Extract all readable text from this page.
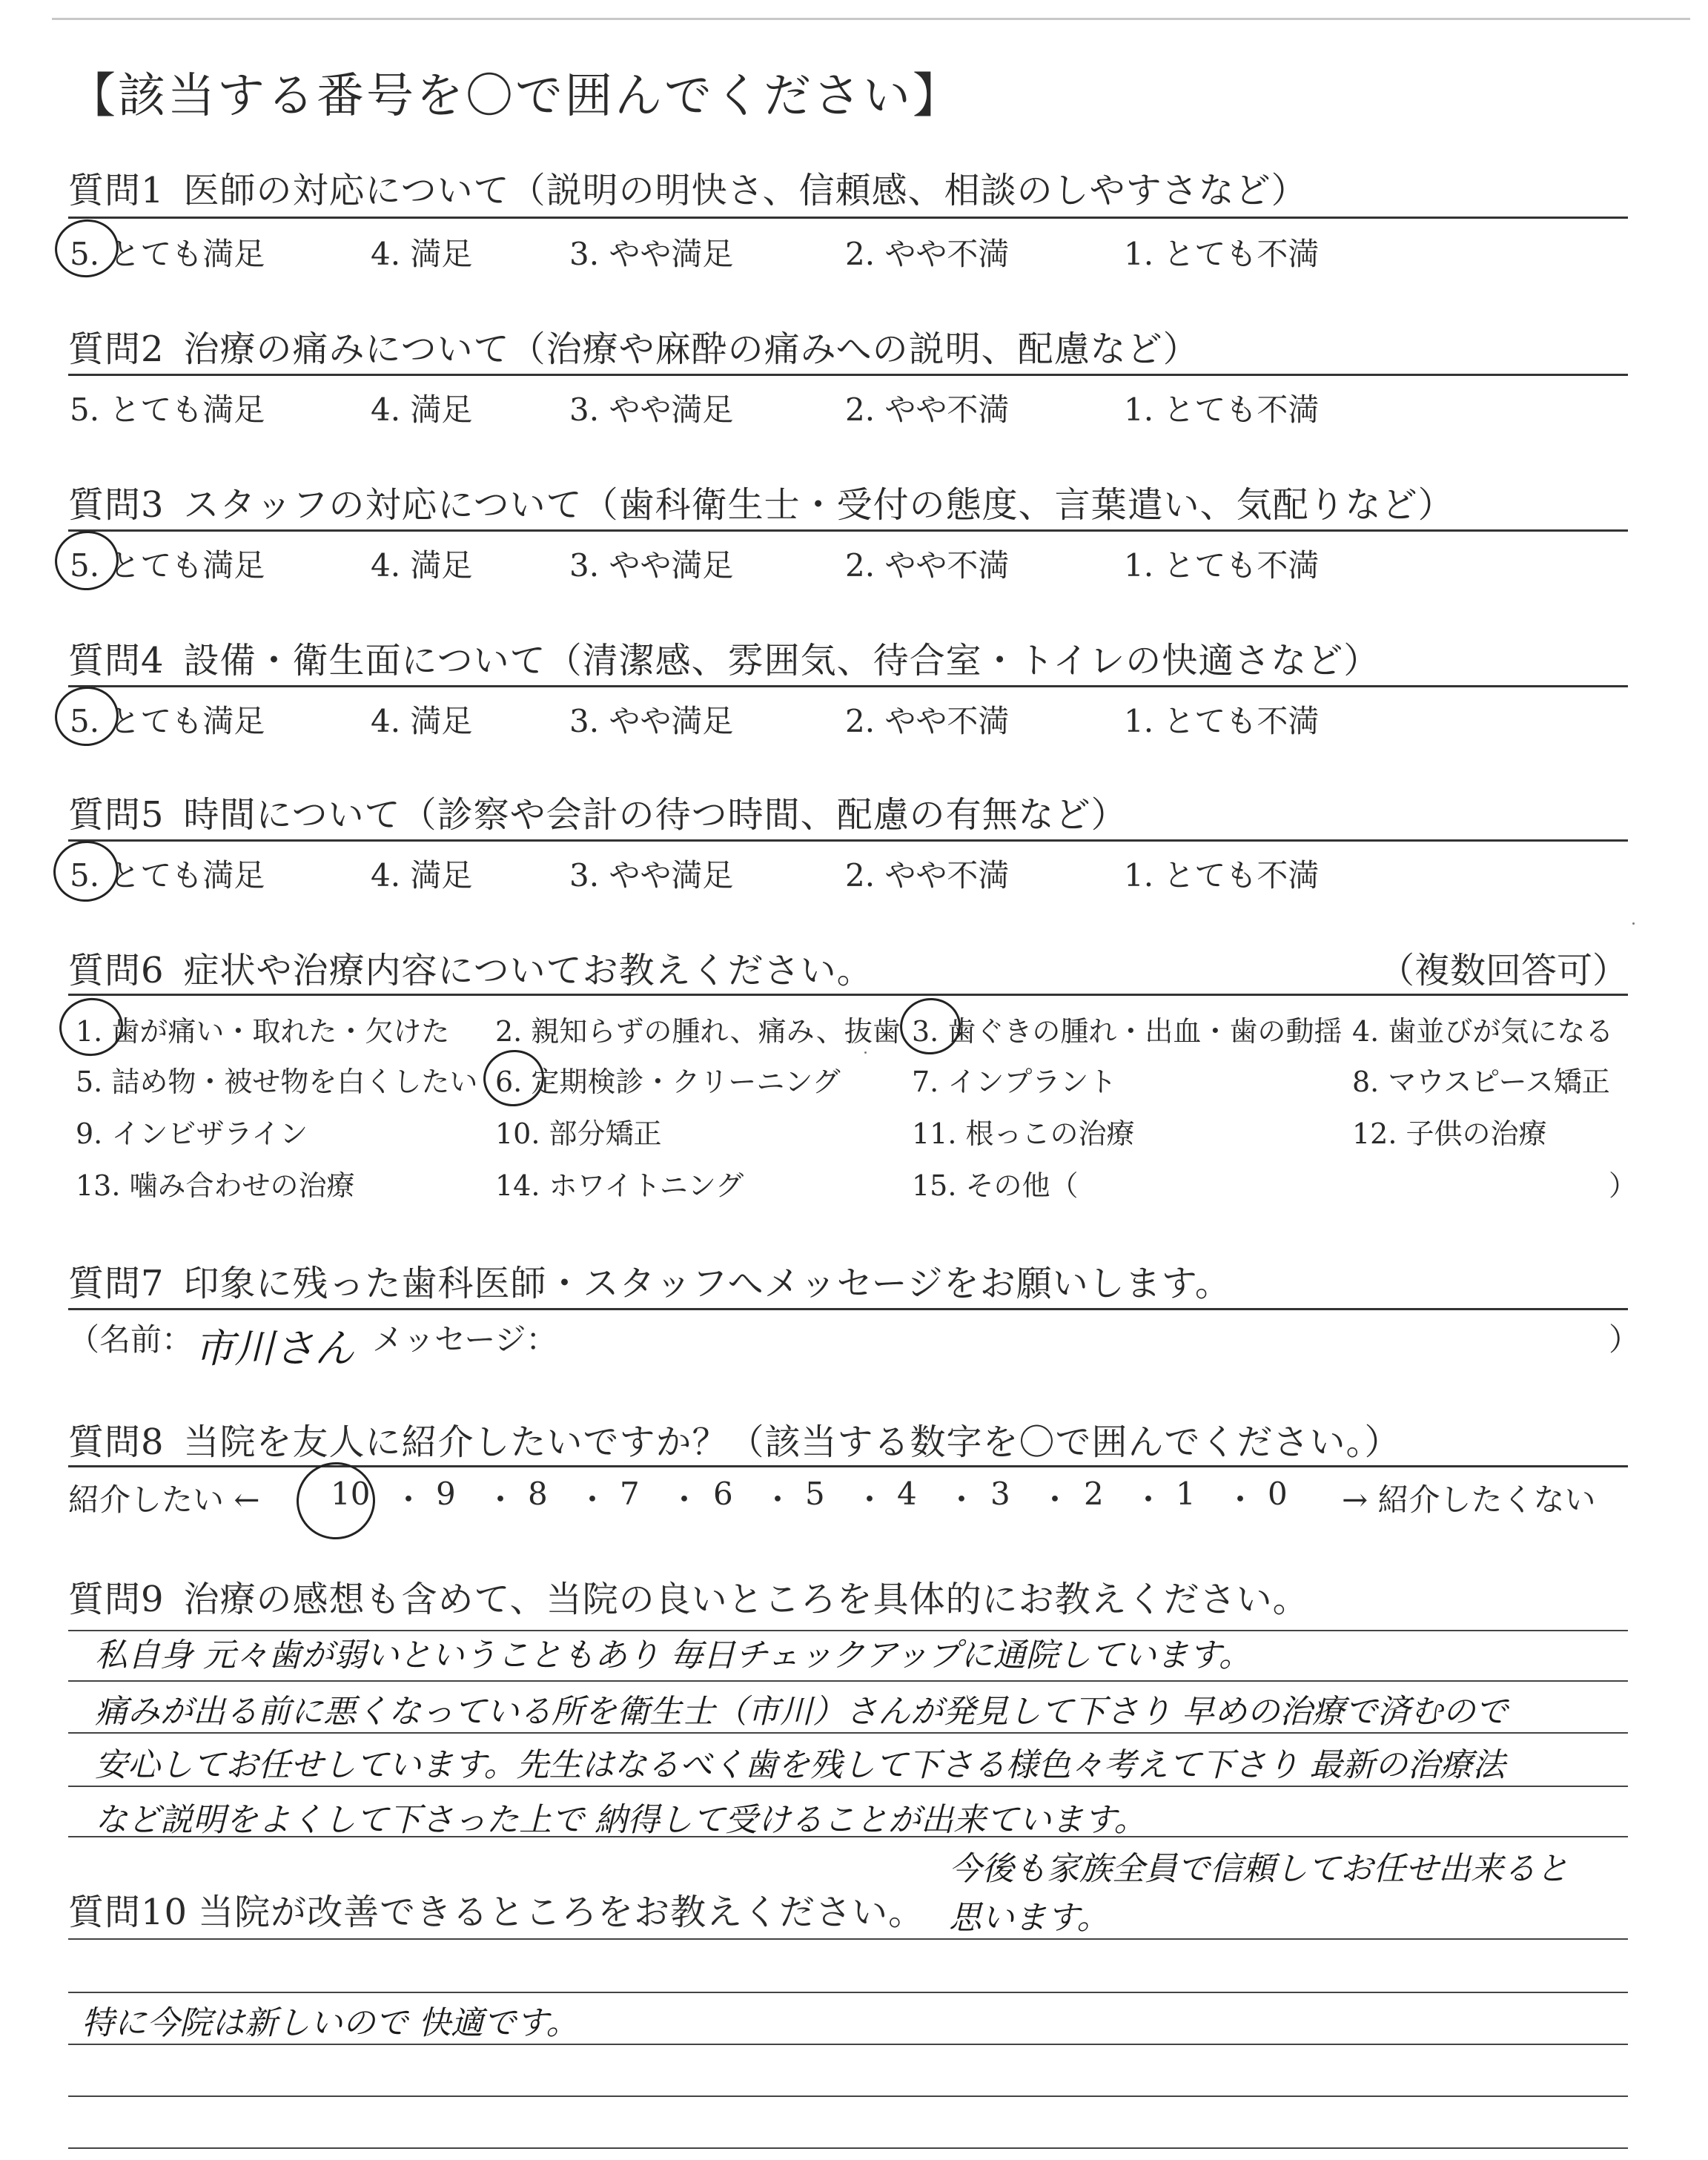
【該当する番号を〇で囲んでください】
質問1 医師の対応について（説明の明快さ、信頼感、相談のしやすさなど）
5. とても満足	4. 満足	3. やや満足	2. やや不満	1. とても不満
質問2 治療の痛みについて（治療や麻酔の痛みへの説明、配慮など）
5. とても満足	4. 満足	3. やや満足	2. やや不満	1. とても不満
質問3 スタッフの対応について（歯科衛生士・受付の態度、言葉遣い、気配りなど）
5. とても満足	4. 満足	3. やや満足	2. やや不満	1. とても不満
質問4 設備・衛生面について（清潔感、雰囲気、待合室・トイレの快適さなど）
5. とても満足	4. 満足	3. やや満足	2. やや不満	1. とても不満
質問5 時間について（診察や会計の待つ時間、配慮の有無など）
5. とても満足	4. 満足	3. やや満足	2. やや不満	1. とても不満
質問6 症状や治療内容についてお教えください。	（複数回答可）
1. 歯が痛い・取れた・欠けた 2. 親知らずの腫れ、痛み、抜歯 3. 歯ぐきの腫れ・出血・歯の動揺 4. 歯並びが気になる
5. 詰め物・被せ物を白くしたい 6. 定期検診・クリーニング	7. インプラント	8. マウスピース矯正
9. インビザライン	10. 部分矯正	11. 根っこの治療	12. 子供の治療
13. 噛み合わせの治療	14. ホワイトニング	15. その他（	）
質問7 印象に残った歯科医師・スタッフへメッセージをお願いします。
（名前： 市川さん メッセージ：	）
質問8 当院を友人に紹介したいですか？（該当する数字を〇で囲んでください。）
紹介したい ← 10 ・ 9 ・ 8 ・ 7 ・ 6 ・ 5 ・ 4 ・ 3 ・ 2 ・ 1 ・ 0 → 紹介したくない
質問9 治療の感想も含めて、当院の良いところを具体的にお教えください。
私自身 元々歯が弱いということもあり 毎日チェックアップに通院しています。
痛みが出る前に悪くなっている所を衛生士（市川）さんが発見して下さり 早めの治療で済むので
安心してお任せしています。先生はなるべく歯を残して下さる様色々考えて下さり 最新の治療法
など説明をよくして下さった上で 納得して受けることが出来ています。
今後も家族全員で信頼してお任せ出来ると
思います。
質問10 当院が改善できるところをお教えください。
特に今院は新しいので 快適です。
